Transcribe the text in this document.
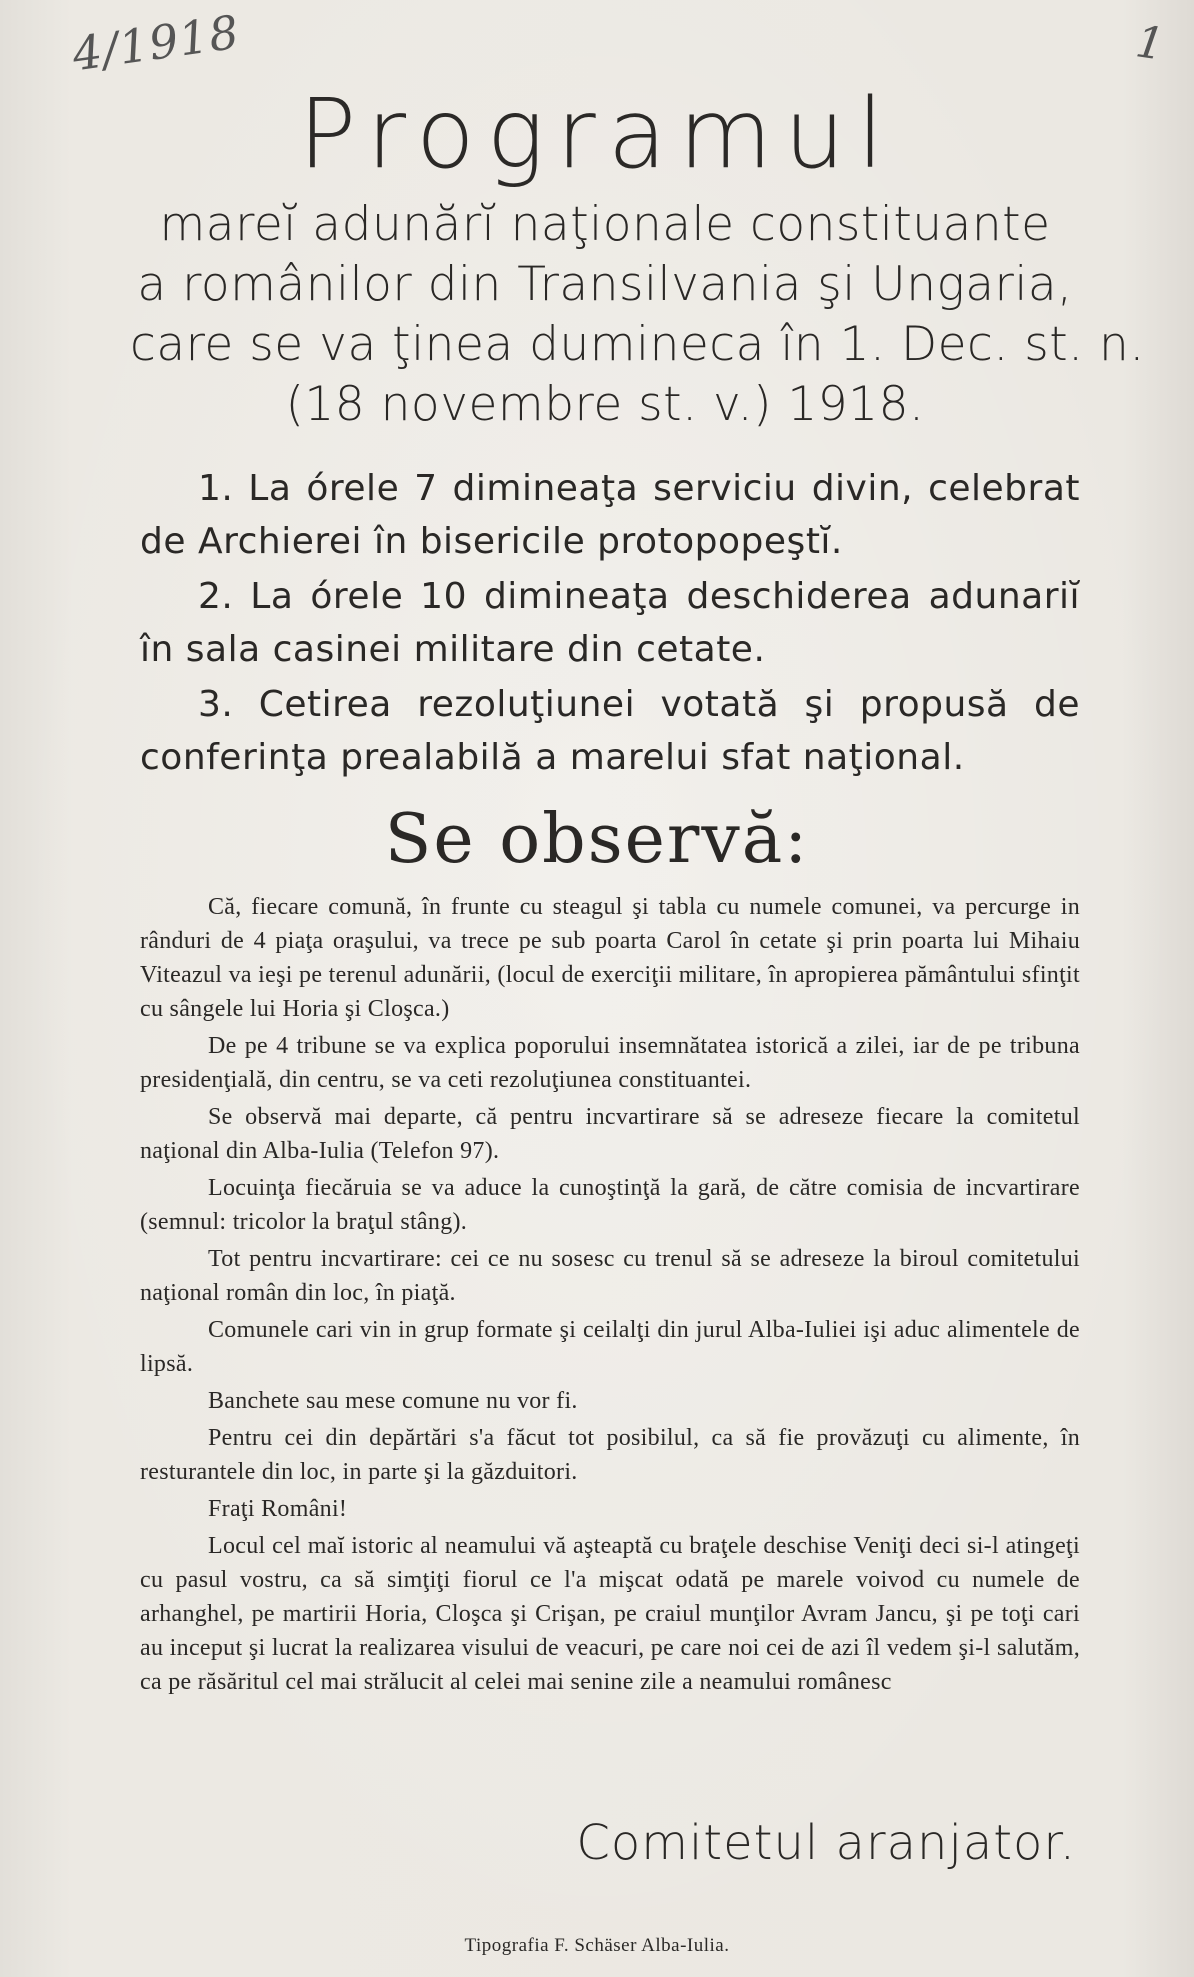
4/1918	1
Programul
mareĭ adunărĭ naţionale constituante
a românilor din Transilvania şi Ungaria,
care se va ţinea dumineca în 1. Dec. st. n.
(18 novembre st. v.) 1918.
1. La órele 7 dimineaţa serviciu divin, celebrat de Archierei în bisericile protopopeştĭ.
2. La órele 10 dimineaţa deschiderea adunariĭ în sala casinei militare din cetate.
3. Cetirea rezoluţiunei votată şi propusă de conferinţa prealabilă a marelui sfat naţional.
Se observă:

Că, fiecare comună, în frunte cu steagul şi tabla cu numele comunei, va percurge in rânduri de 4 piaţa oraşului, va trece pe sub poarta Carol în cetate şi prin poarta lui Mihaiu Viteazul va ieşi pe terenul adunării, (locul de exerciţii militare, în apropierea pământului sfinţit cu sângele lui Horia şi Cloşca.)

De pe 4 tribune se va explica poporului insemnătatea istorică a zilei, iar de pe tribuna presidenţială, din centru, se va ceti rezoluţiunea constituantei.

Se observă mai departe, că pentru incvartirare să se adreseze fiecare la comitetul naţional din Alba-Iulia (Telefon 97).

Locuinţa fiecăruia se va aduce la cunoştinţă la gară, de către comisia de incvartirare (semnul: tricolor la braţul stâng).

Tot pentru incvartirare: cei ce nu sosesc cu trenul să se adreseze la biroul comitetului naţional român din loc, în piaţă.

Comunele cari vin in grup formate şi ceilalţi din jurul Alba-Iuliei işi aduc alimentele de lipsă.

Banchete sau mese comune nu vor fi.

Pentru cei din depărtări s'a făcut tot posibilul, ca să fie provăzuţi cu alimente, în resturantele din loc, in parte şi la găzduitori.

Fraţi Români!

Locul cel maĭ istoric al neamului vă aşteaptă cu braţele deschise Veniţi deci si-l atingeţi cu pasul vostru, ca să simţiţi fiorul ce l'a mişcat odată pe marele voivod cu numele de arhanghel, pe martirii Horia, Cloşca şi Crişan, pe craiul munţilor Avram Jancu, şi pe toţi cari au inceput şi lucrat la realizarea visului de veacuri, pe care noi cei de azi îl vedem şi-l salutăm, ca pe răsăritul cel mai strălucit al celei mai senine zile a neamului românesc

Comitetul aranjator.
Tipografia F. Schäser Alba-Iulia.
